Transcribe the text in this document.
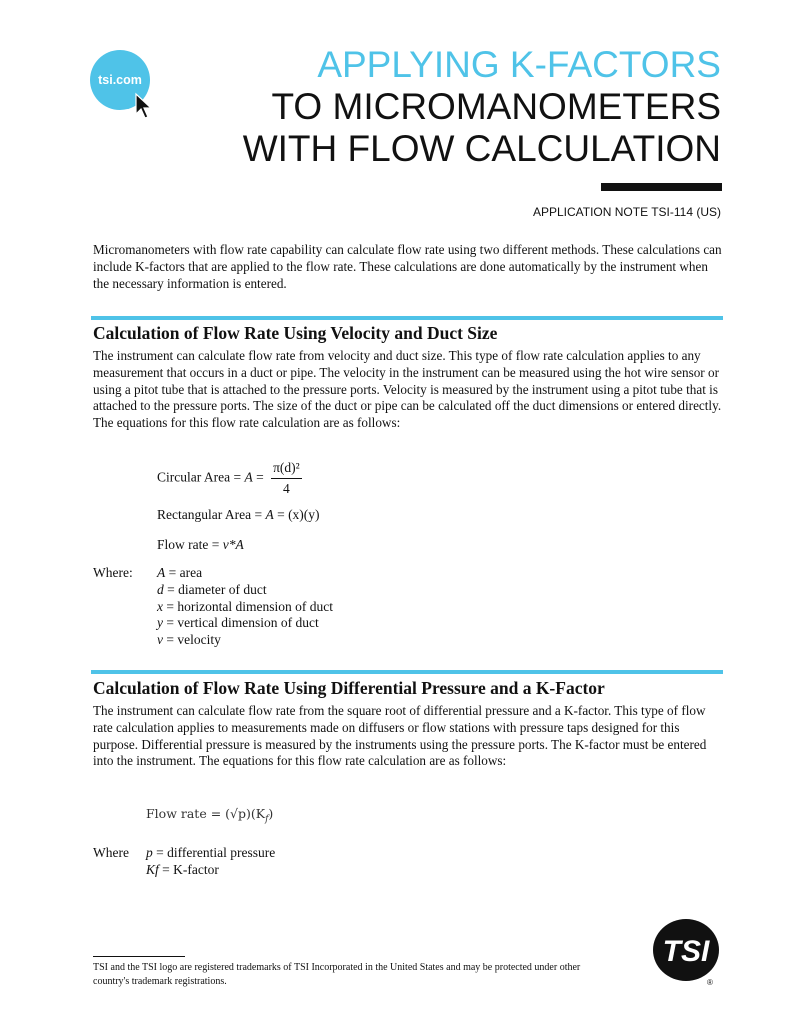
tsi.com	APPLYING K-FACTORS
TO MICROMANOMETERS
WITH FLOW CALCULATION
APPLICATION NOTE TSI-114 (US)
Micromanometers with flow rate capability can calculate flow rate using two different methods. These calculations can include K-factors that are applied to the flow rate. These calculations are done automatically by the instrument when the necessary information is entered.
Calculation of Flow Rate Using Velocity and Duct Size
The instrument can calculate flow rate from velocity and duct size. This type of flow rate calculation applies to any measurement that occurs in a duct or pipe. The velocity in the instrument can be measured using the hot wire sensor or using a pitot tube that is attached to the pressure ports. Velocity is measured by the instrument using a pitot tube that is attached to the pressure ports. The size of the duct or pipe can be calculated off the duct dimensions or entered directly. The equations for this flow rate calculation are as follows:
Circular Area = $A = \frac{\text{π(d)²}}{4}$
Rectangular Area = A = (x)(y)
Flow rate = v*A
Where: A = area
d = diameter of duct
x = horizontal dimension of duct
y = vertical dimension of duct
v = velocity
Calculation of Flow Rate Using Differential Pressure and a K-Factor
The instrument can calculate flow rate from the square root of differential pressure and a K-factor. This type of flow rate calculation applies to measurements made on diffusers or flow stations with pressure taps designed for this purpose. Differential pressure is measured by the instruments using the pressure ports. The K-factor must be entered into the instrument. The equations for this flow rate calculation are as follows:
Flow rate = $(√p)(K_f)$
Where p = differential pressure
Kf = K-factor
TSI and the TSI logo are registered trademarks of TSI Incorporated in the United States and may be protected under other country's trademark registrations.
TSI
®
